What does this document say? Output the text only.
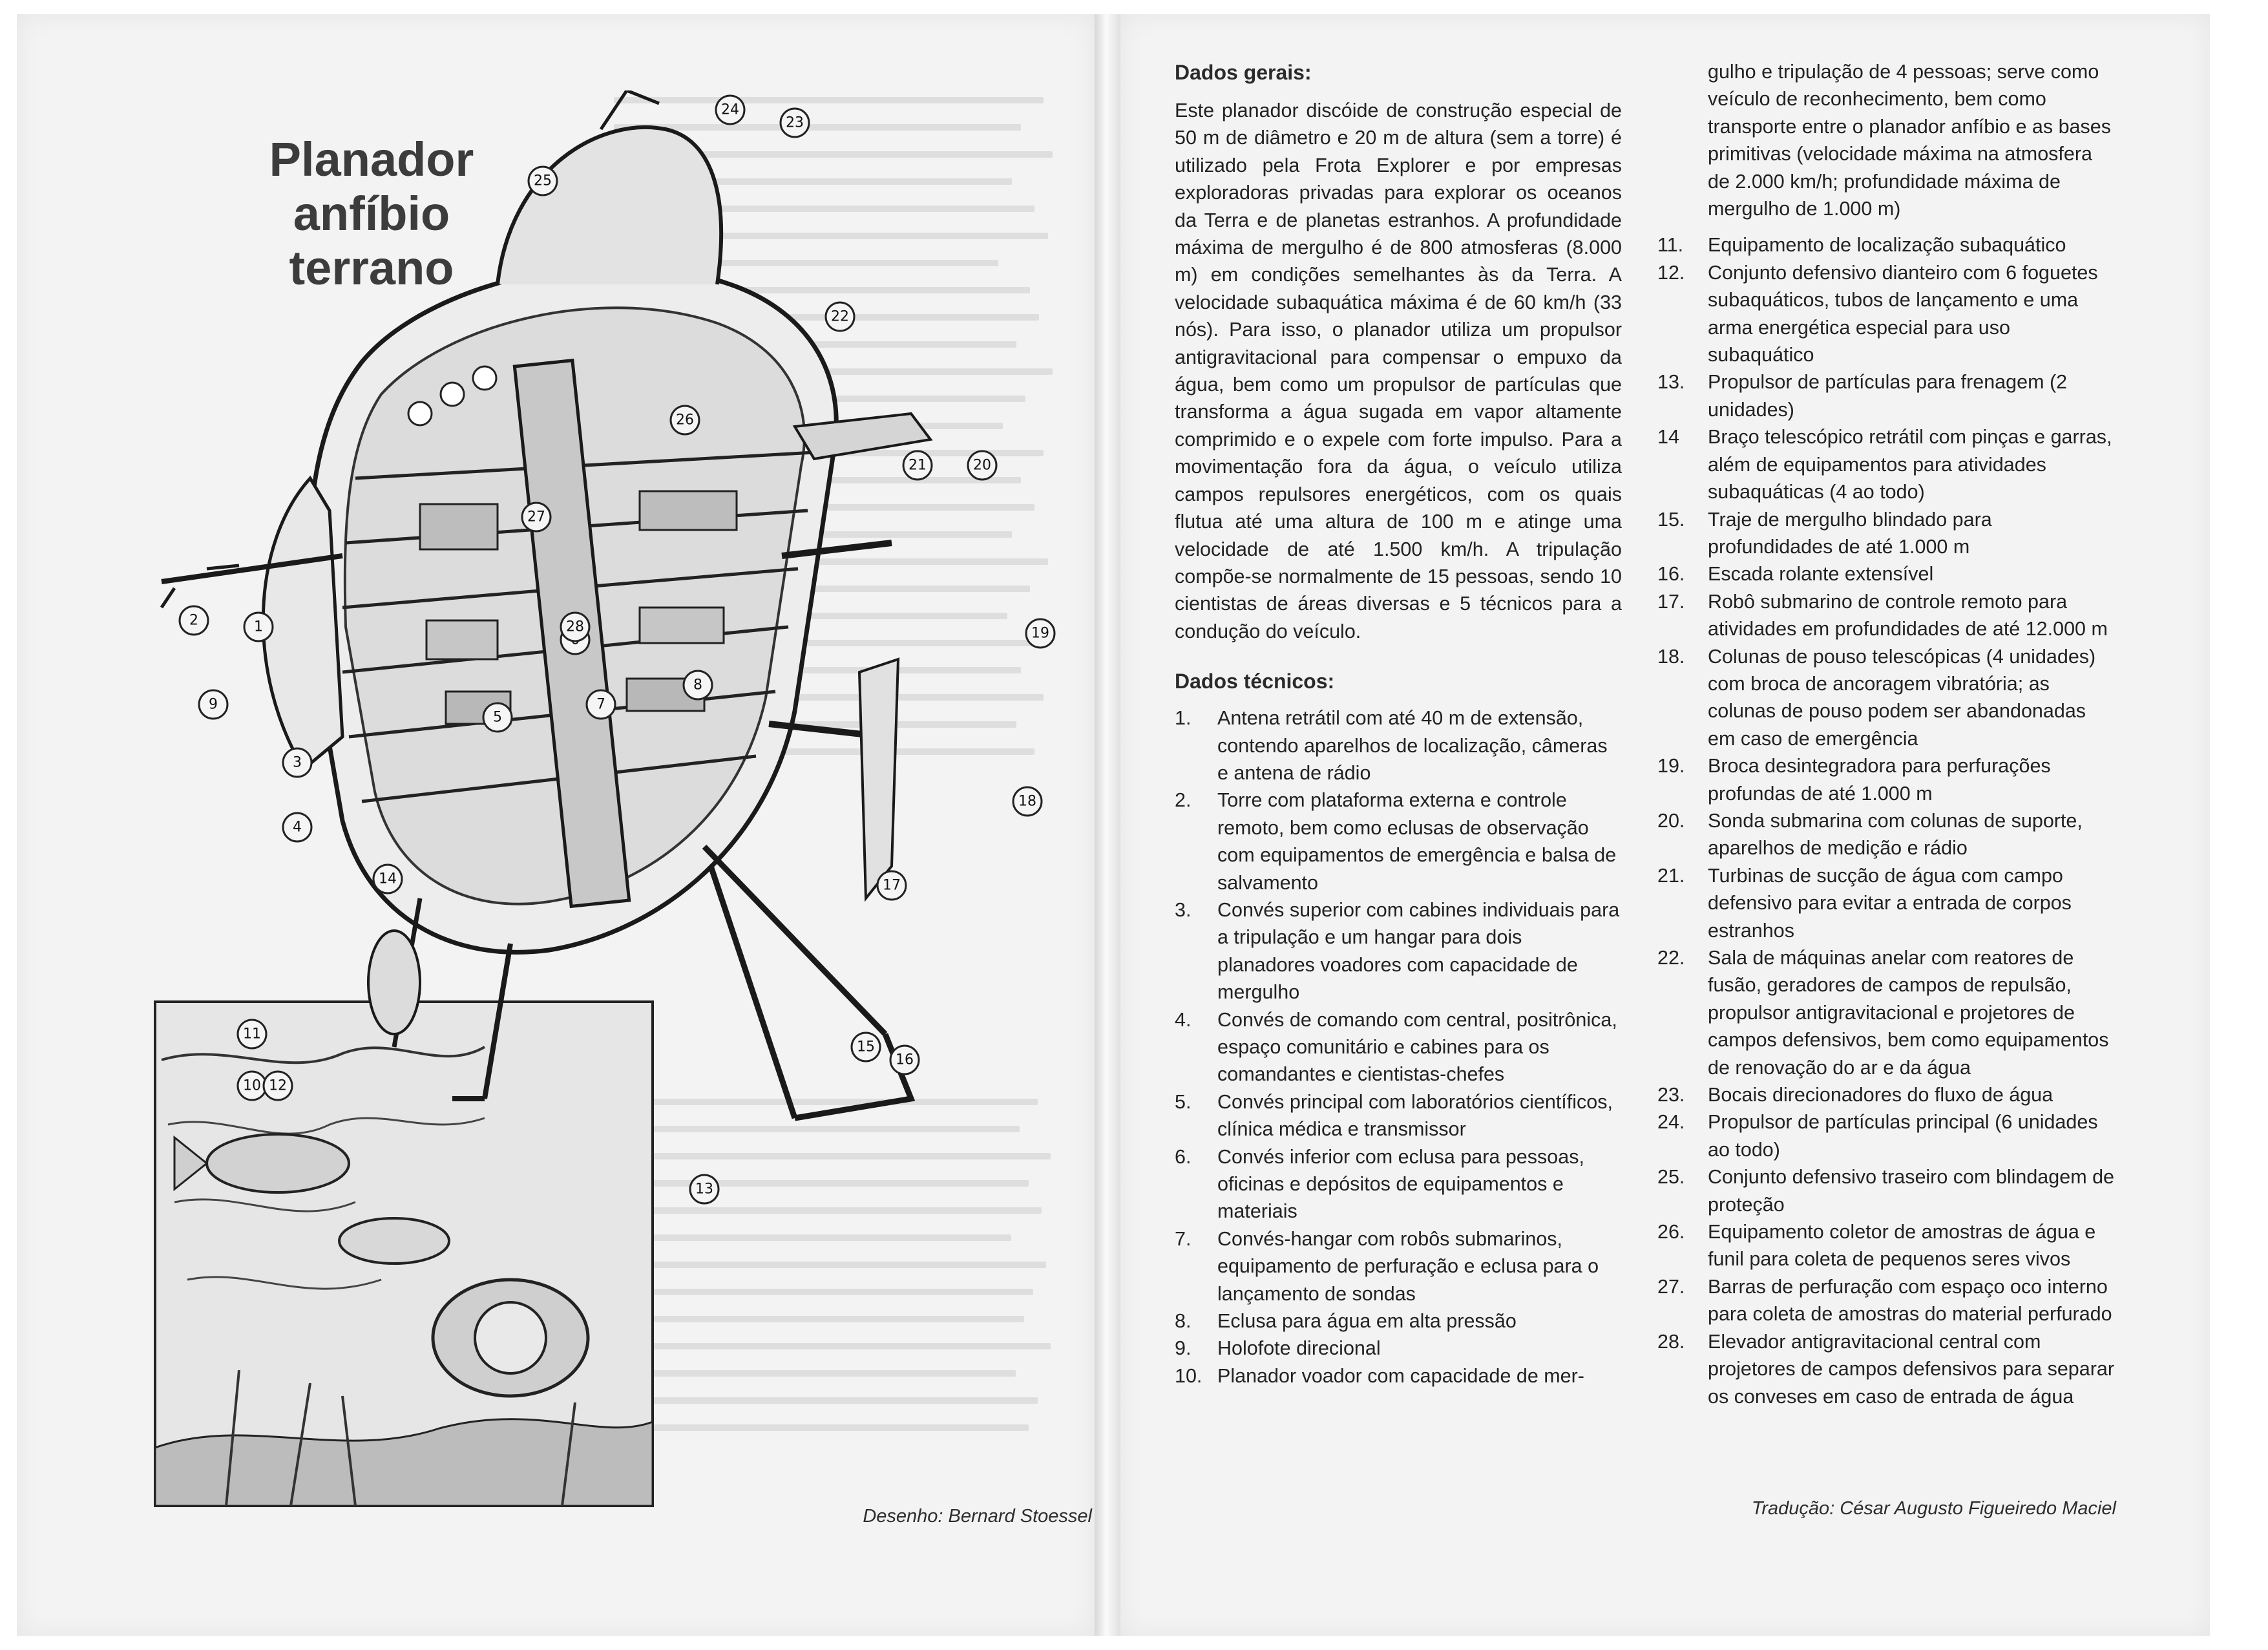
Planador
anfíbio
terrano
1
2
3
4
5
7
8
9
10
11
12
13
14
15
16
17
18
19
20
21
22
23
24
25
26
27
28
Desenho: Bernard Stoessel
Dados gerais:

Este planador discóide de construção especial de 50 m de diâmetro e 20 m de altura (sem a torre) é utilizado pela Frota Explorer e por empresas exploradoras privadas para explorar os oceanos da Terra e de planetas estranhos. A profundidade máxima de mergulho é de 800 atmosferas (8.000 m) em condições semelhantes às da Terra. A velocidade subaquática máxima é de 60 km/h (33 nós). Para isso, o planador utiliza um propulsor antigravitacional para compensar o empuxo da água, bem como um propulsor de partículas que transforma a água sugada em vapor altamente comprimido e o expele com forte impulso. Para a movimentação fora da água, o veículo utiliza campos repulsores energéticos, com os quais flutua até uma altura de 100 m e atinge uma velocidade de até 1.500 km/h. A tripulação compõe-se normalmente de 15 pessoas, sendo 10 cientistas de áreas diversas e 5 técnicos para a condução do veículo.

Dados técnicos:
1.	Antena retrátil com até 40 m de extensão, contendo aparelhos de localização, câmeras e antena de rádio
2.	Torre com plataforma externa e controle remoto, bem como eclusas de observação com equipamentos de emergência e balsa de salvamento
3.	Convés superior com cabines individuais para a tripulação e um hangar para dois planadores voadores com capacidade de mergulho
4.	Convés de comando com central, positrônica, espaço comunitário e cabines para os comandantes e cientistas-chefes
5.	Convés principal com laboratórios científicos, clínica médica e transmissor
6.	Convés inferior com eclusa para pessoas, oficinas e depósitos de equipamentos e materiais
7.	Convés-hangar com robôs submarinos, equipamento de perfuração e eclusa para o lançamento de sondas
8.	Eclusa para água em alta pressão
9.	Holofote direcional
10. Planador voador com capacidade de mer-

gulho e tripulação de 4 pessoas; serve como veículo de reconhecimento, bem como transporte entre o planador anfíbio e as bases primitivas (velocidade máxima na atmosfera de 2.000 km/h; profundidade máxima de mergulho de 1.000 m)

11.	Equipamento de localização subaquático
12.	Conjunto defensivo dianteiro com 6 foguetes subaquáticos, tubos de lançamento e uma arma energética especial para uso subaquático
13.	Propulsor de partículas para frenagem (2 unidades)
14	Braço telescópico retrátil com pinças e garras, além de equipamentos para atividades subaquáticas (4 ao todo)
15.	Traje de mergulho blindado para profundidades de até 1.000 m
16.	Escada rolante extensível
17.	Robô submarino de controle remoto para atividades em profundidades de até 12.000 m
18.	Colunas de pouso telescópicas (4 unidades) com broca de ancoragem vibratória; as colunas de pouso podem ser abandonadas em caso de emergência
19.	Broca desintegradora para perfurações profundas de até 1.000 m
20.	Sonda submarina com colunas de suporte, aparelhos de medição e rádio
21.	Turbinas de sucção de água com campo defensivo para evitar a entrada de corpos estranhos
22.	Sala de máquinas anelar com reatores de fusão, geradores de campos de repulsão, propulsor antigravitacional e projetores de campos defensivos, bem como equipamentos de renovação do ar e da água
23.	Bocais direcionadores do fluxo de água
24.	Propulsor de partículas principal (6 unidades ao todo)
25.	Conjunto defensivo traseiro com blindagem de proteção
26.	Equipamento coletor de amostras de água e funil para coleta de pequenos seres vivos
27.	Barras de perfuração com espaço oco interno para coleta de amostras do material perfurado
28.	Elevador antigravitacional central com projetores de campos defensivos para separar os conveses em caso de entrada de água
Tradução: César Augusto Figueiredo Maciel
